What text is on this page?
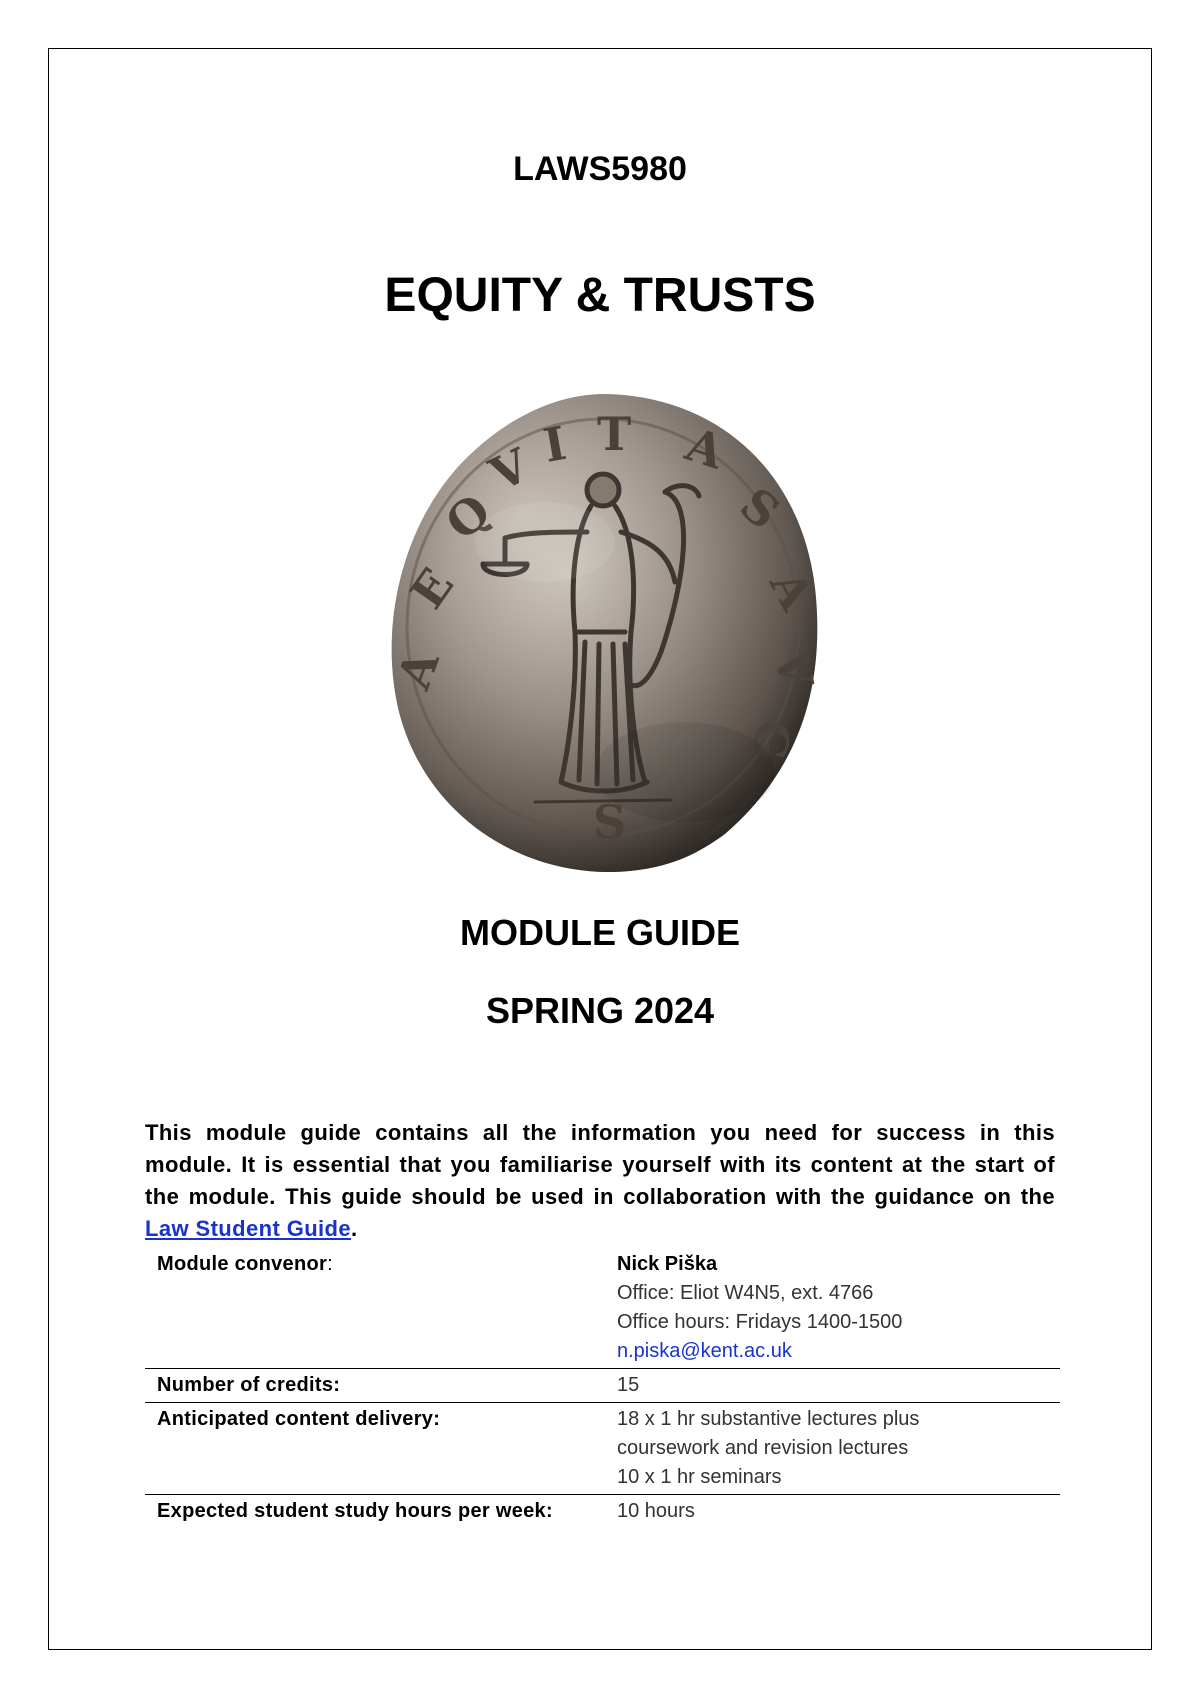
LAWS5980
EQUITY & TRUSTS
A
E
Q
V I T A
S
A
V
G
S
MODULE GUIDE
SPRING 2024

This module guide contains all the information you need for success in this module. It is essential that you familiarise yourself with its content at the start of the module. This guide should be used in collaboration with the guidance on the Law Student Guide.

Module convenor:	Nick Piška
Office: Eliot W4N5, ext. 4766
Office hours: Fridays 1400-1500
n.piska@kent.ac.uk

Number of credits:	15
Anticipated content delivery:	18 x 1 hr substantive lectures plus
coursework and revision lectures
10 x 1 hr seminars

Expected student study hours per week:	10 hours
